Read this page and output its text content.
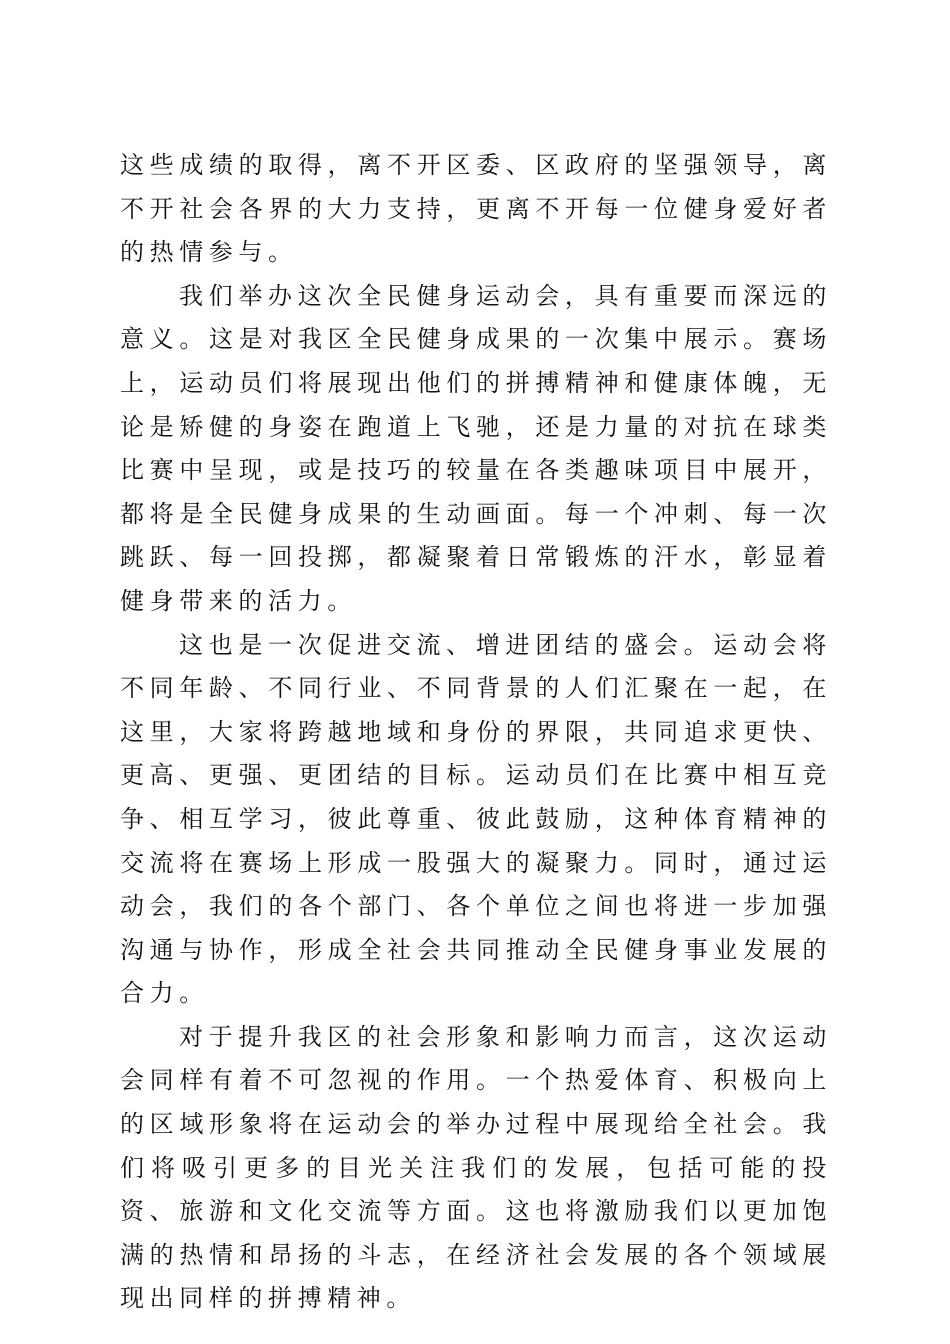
这些成绩的取得，离不开区委、区政府的坚强领导，离不开社会各界的大力支持，更离不开每一位健身爱好者的热情参与。

我们举办这次全民健身运动会，具有重要而深远的意义。这是对我区全民健身成果的一次集中展示。赛场上，运动员们将展现出他们的拼搏精神和健康体魄，无论是矫健的身姿在跑道上飞驰，还是力量的对抗在球类比赛中呈现，或是技巧的较量在各类趣味项目中展开，都将是全民健身成果的生动画面。每一个冲刺、每一次跳跃、每一回投掷，都凝聚着日常锻炼的汗水，彰显着健身带来的活力。

这也是一次促进交流、增进团结的盛会。运动会将不同年龄、不同行业、不同背景的人们汇聚在一起，在这里，大家将跨越地域和身份的界限，共同追求更快、更高、更强、更团结的目标。运动员们在比赛中相互竞争、相互学习，彼此尊重、彼此鼓励，这种体育精神的交流将在赛场上形成一股强大的凝聚力。同时，通过运动会，我们的各个部门、各个单位之间也将进一步加强沟通与协作，形成全社会共同推动全民健身事业发展的合力。

对于提升我区的社会形象和影响力而言，这次运动会同样有着不可忽视的作用。一个热爱体育、积极向上的区域形象将在运动会的举办过程中展现给全社会。我们将吸引更多的目光关注我们的发展，包括可能的投资、旅游和文化交流等方面。这也将激励我们以更加饱满的热情和昂扬的斗志，在经济社会发展的各个领域展现出同样的拼搏精神。
